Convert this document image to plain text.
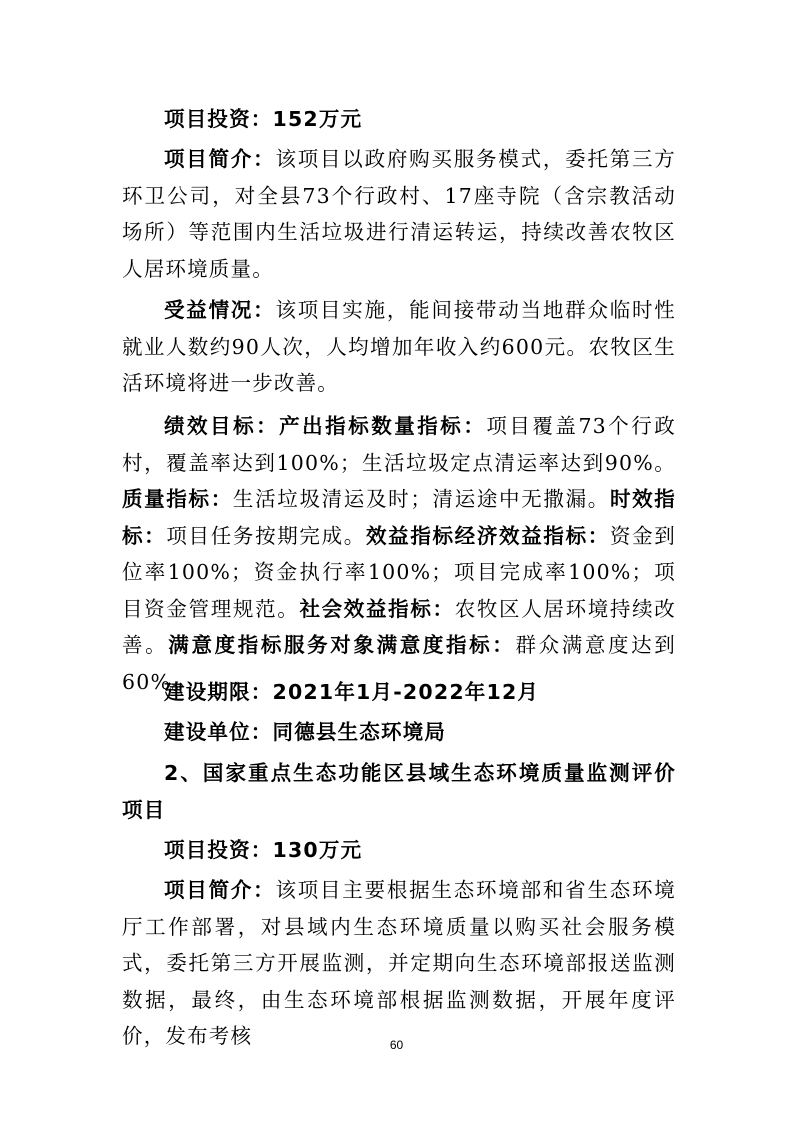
项目投资：152万元

项目简介：该项目以政府购买服务模式，委托第三方环卫公司，对全县73个行政村、17座寺院（含宗教活动场所）等范围内生活垃圾进行清运转运，持续改善农牧区人居环境质量。

受益情况：该项目实施，能间接带动当地群众临时性就业人数约90人次，人均增加年收入约600元。农牧区生活环境将进一步改善。

绩效目标：产出指标数量指标：项目覆盖73个行政村，覆盖率达到100%；生活垃圾定点清运率达到90%。质量指标：生活垃圾清运及时；清运途中无撒漏。时效指标：项目任务按期完成。效益指标经济效益指标：资金到位率100%；资金执行率100%；项目完成率100%；项目资金管理规范。社会效益指标：农牧区人居环境持续改善。满意度指标服务对象满意度指标：群众满意度达到60%。

建设期限：2021年1月-2022年12月

建设单位：同德县生态环境局

2、国家重点生态功能区县域生态环境质量监测评价项目

项目投资：130万元

项目简介：该项目主要根据生态环境部和省生态环境厅工作部署，对县域内生态环境质量以购买社会服务模式，委托第三方开展监测，并定期向生态环境部报送监测数据，最终，由生态环境部根据监测数据，开展年度评价，发布考核	60
